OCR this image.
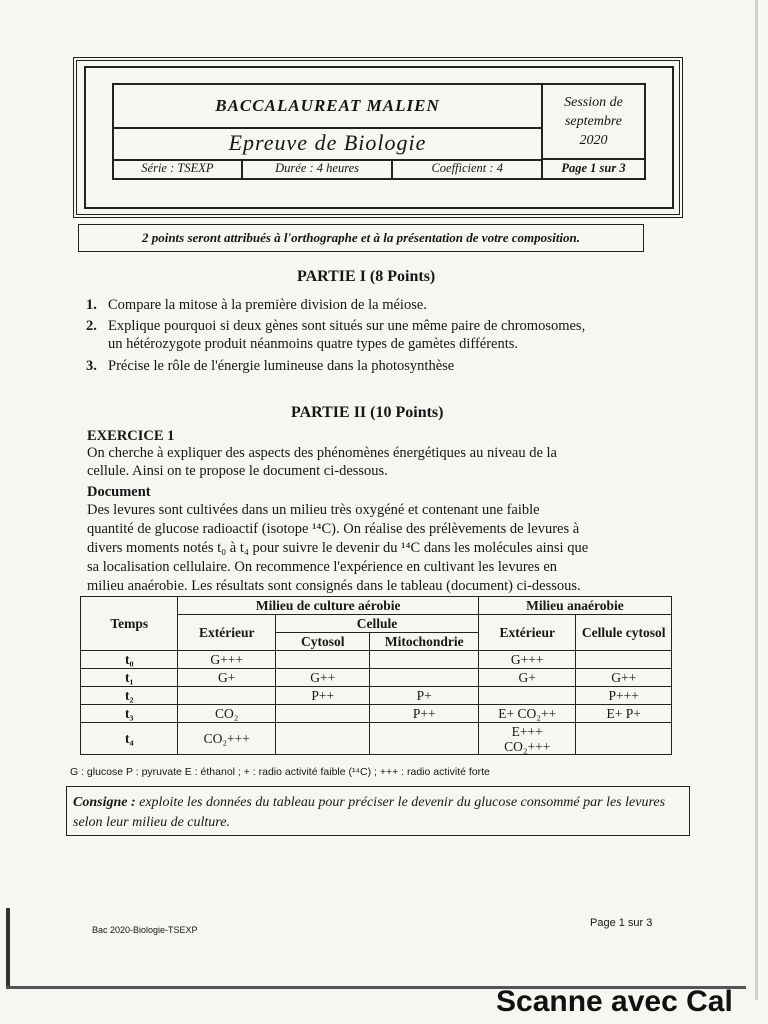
BACCALAUREAT MALIEN
Epreuve de Biologie
Série : TSEXP	Durée : 4 heures	Coefficient : 4
Session de
septembre
2020
Page 1 sur 3
2 points seront attribués à l'orthographe et à la présentation de votre composition.
PARTIE I (8 Points)
1. Compare la mitose à la première division de la méiose.
2. Explique pourquoi si deux gènes sont situés sur une même paire de chromosomes,
un hétérozygote produit néanmoins quatre types de gamètes différents.
3. Précise le rôle de l'énergie lumineuse dans la photosynthèse
PARTIE II (10 Points)
EXERCICE 1
On cherche à expliquer des aspects des phénomènes énergétiques au niveau de la
cellule. Ainsi on te propose le document ci-dessous.
Document
Des levures sont cultivées dans un milieu très oxygéné et contenant une faible
quantité de glucose radioactif (isotope ¹⁴C). On réalise des prélèvements de levures à
divers moments notés t₀ à t₄ pour suivre le devenir du ¹⁴C dans les molécules ainsi que
sa localisation cellulaire. On recommence l'expérience en cultivant les levures en
milieu anaérobie. Les résultats sont consignés dans le tableau (document) ci-dessous.
Temps	Milieu de culture aérobie			Milieu anaérobie	
	Extérieur	Cellule		Extérieur	Cellule cytosol
		Cytosol	Mitochondrie		
t₀	G+++			G+++	
t₁	G+	G++		G+	G++
t₂		P++	P+		P+++
t₃	CO₂		P++	E+ CO₂++	E+ P+
t₄	CO₂+++			E+++ CO₂+++	
G : glucose P : pyruvate E : éthanol ; + : radio activité faible (¹⁴C) ; +++ : radio activité forte
Consigne : exploite les données du tableau pour préciser le devenir du glucose consommé par les levures selon leur milieu de culture.
Bac 2020-Biologie-TSEXP
Page 1 sur 3
Scanne avec Cal
